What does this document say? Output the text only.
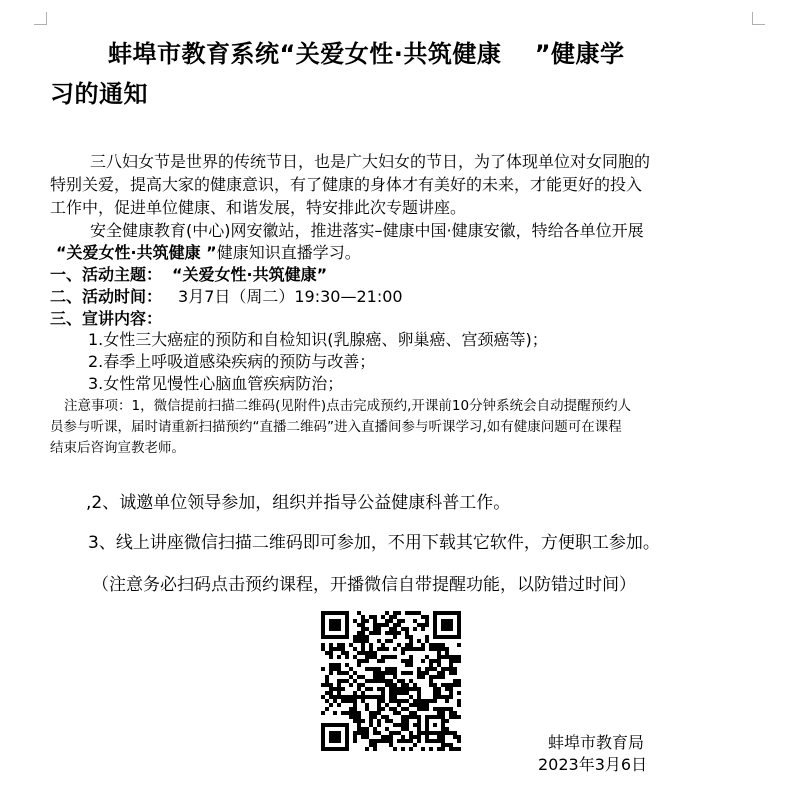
蚌埠市教育系统“关爱女性·共筑健康　 ”健康学
习的通知
三八妇女节是世界的传统节日，也是广大妇女的节日，为了体现单位对女同胞的
特别关爱，提高大家的健康意识，有了健康的身体才有美好的未来，才能更好的投入
工作中，促进单位健康、和谐发展，特安排此次专题讲座。
安全健康教育(中心)网安徽站，推进落实–健康中国·健康安徽，特给各单位开展
“关爱女性·共筑健康 ”健康知识直播学习。
一、活动主题： “关爱女性·共筑健康”
二、活动时间： 3月7日（周二）19:30—21:00
三、宣讲内容：
1.女性三大癌症的预防和自检知识(乳腺癌、卵巢癌、宫颈癌等)；
2.春季上呼吸道感染疾病的预防与改善；
3.女性常见慢性心脑血管疾病防治；
注意事项：1，微信提前扫描二维码(见附件)点击完成预约,开课前10分钟系统会自动提醒预约人
员参与听课，届时请重新扫描预约“直播二维码”进入直播间参与听课学习,如有健康问题可在课程
结束后咨询宣教老师。
,2、诚邀单位领导参加，组织并指导公益健康科普工作。
3、线上讲座微信扫描二维码即可参加，不用下载其它软件，方便职工参加。
（注意务必扫码点击预约课程，开播微信自带提醒功能，以防错过时间）
蚌埠市教育局
2023年3月6日
